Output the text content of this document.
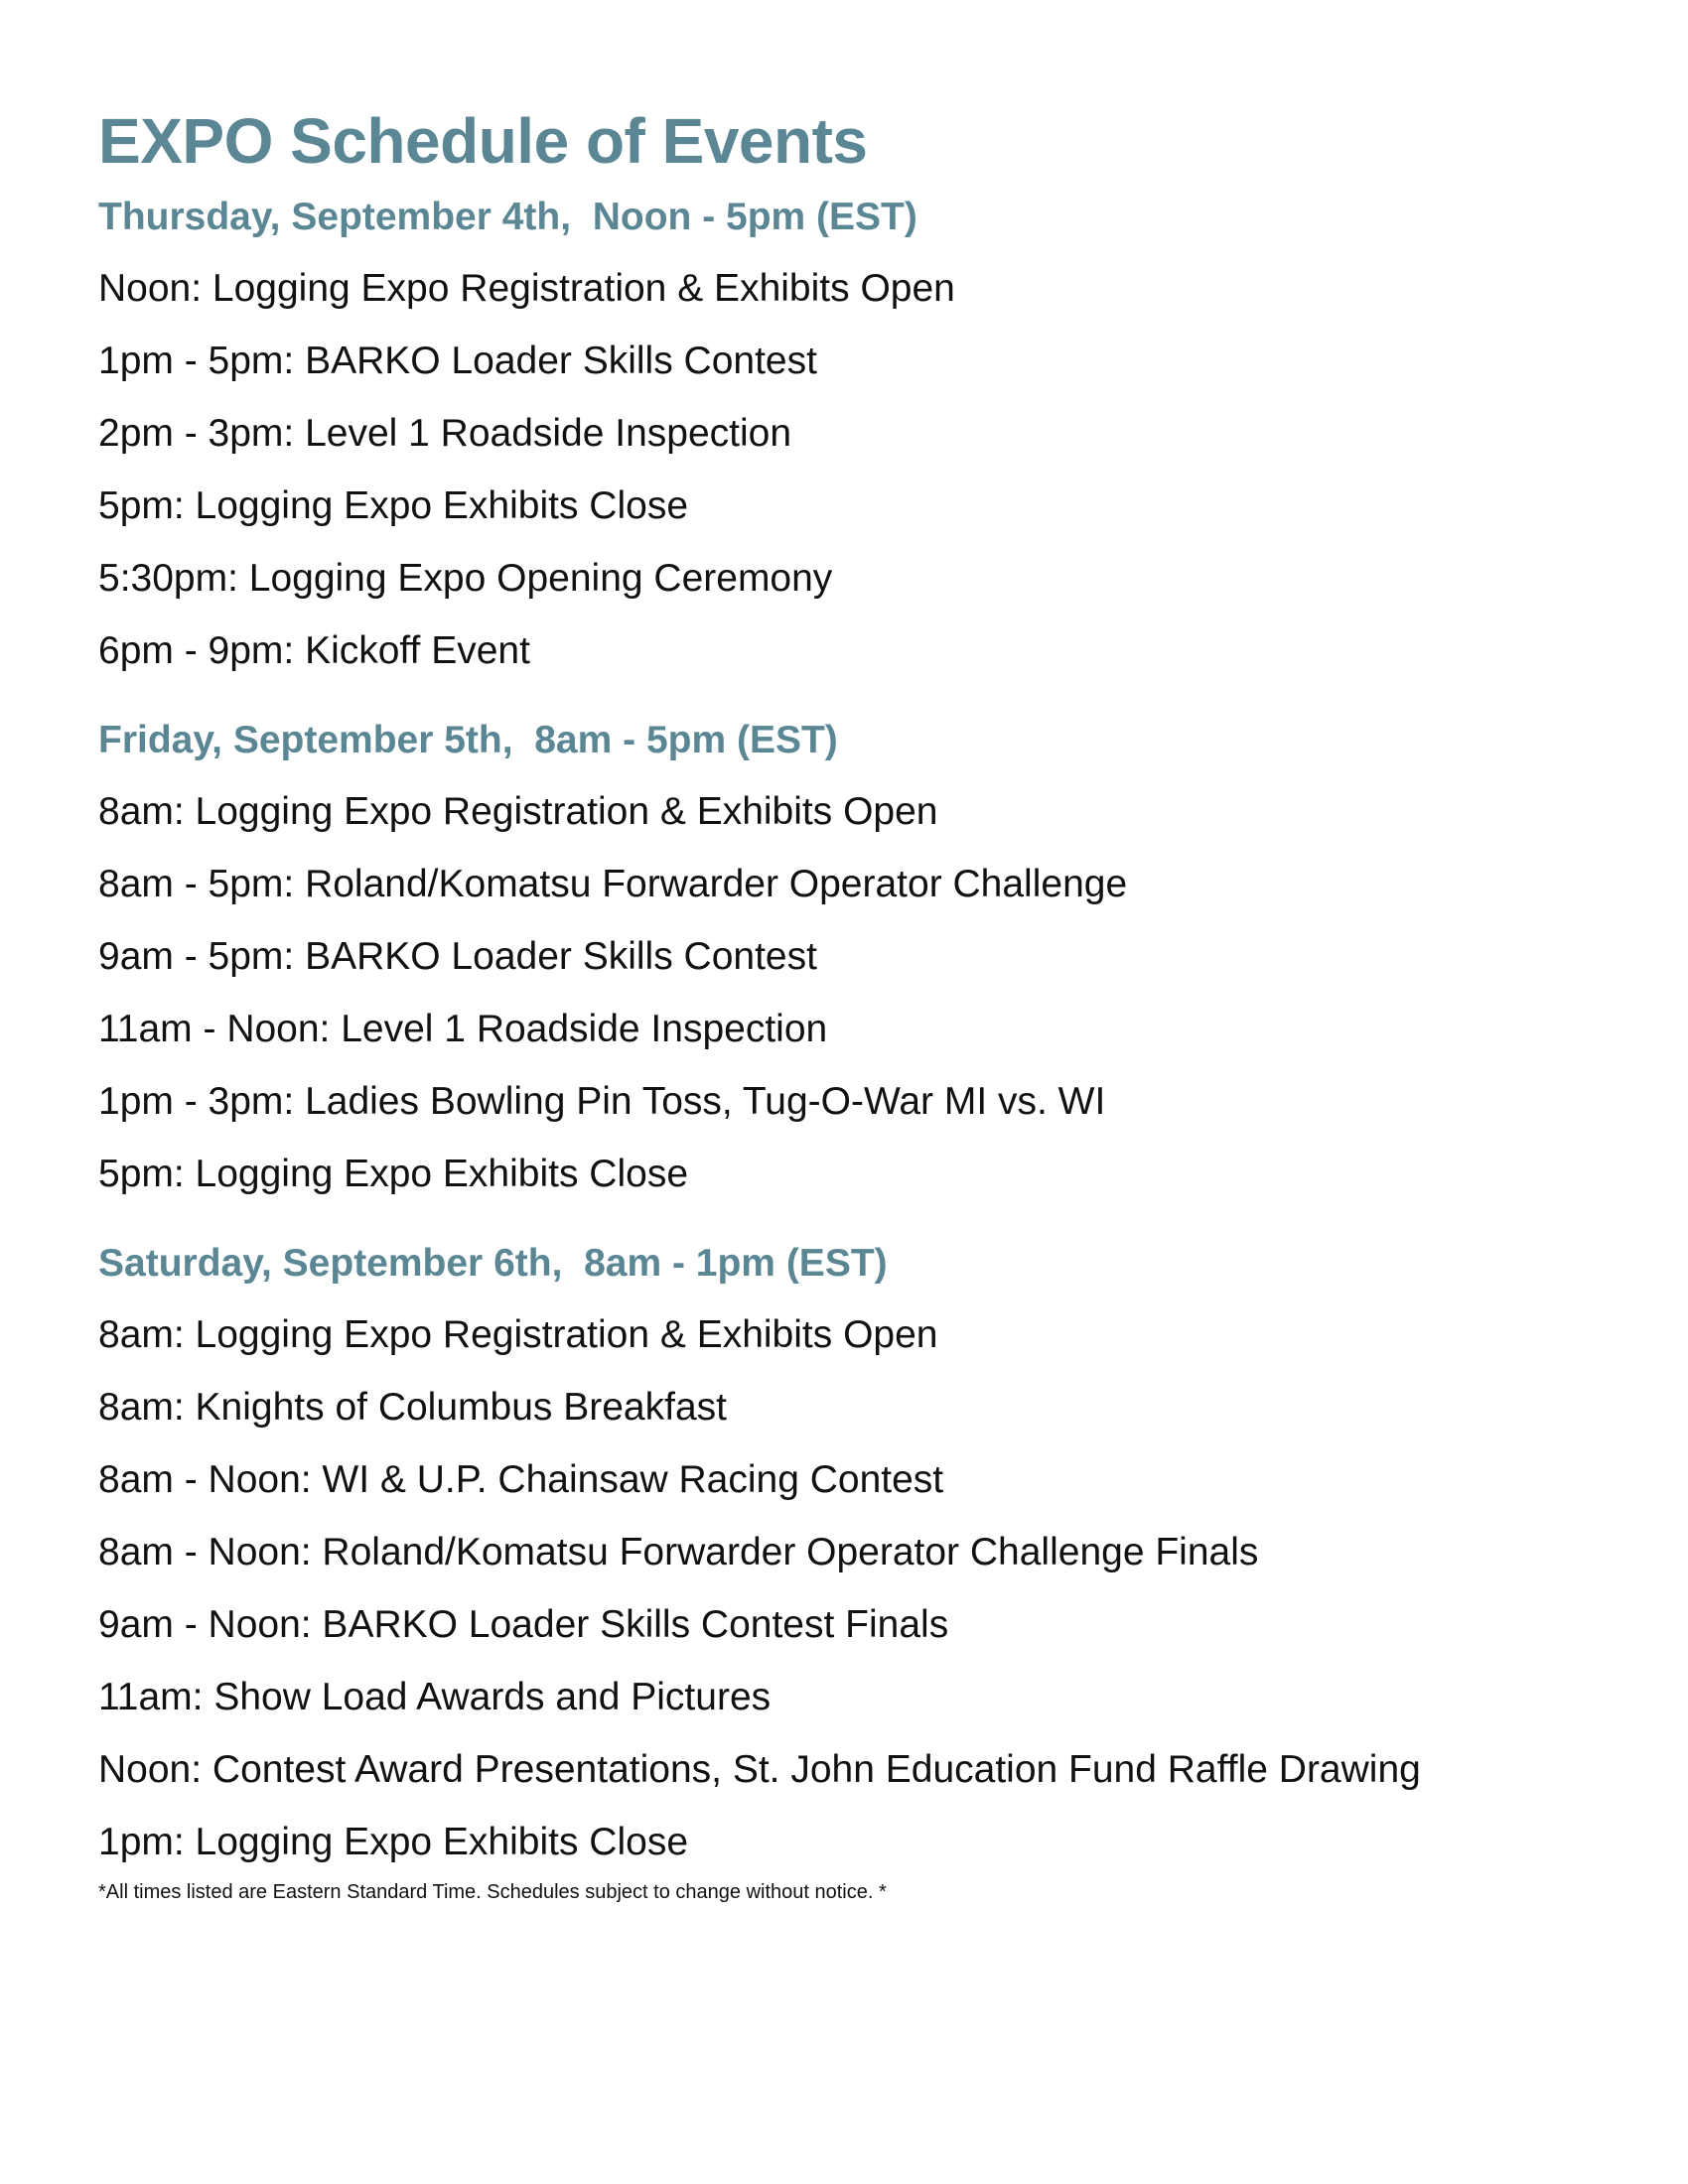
EXPO Schedule of Events
Thursday, September 4th,  Noon - 5pm (EST)
Noon: Logging Expo Registration & Exhibits Open
1pm - 5pm: BARKO Loader Skills Contest
2pm - 3pm: Level 1 Roadside Inspection
5pm: Logging Expo Exhibits Close
5:30pm: Logging Expo Opening Ceremony
6pm - 9pm: Kickoff Event
Friday, September 5th,  8am - 5pm (EST)
8am: Logging Expo Registration & Exhibits Open
8am - 5pm: Roland/Komatsu Forwarder Operator Challenge
9am - 5pm: BARKO Loader Skills Contest
11am - Noon: Level 1 Roadside Inspection
1pm - 3pm: Ladies Bowling Pin Toss, Tug-O-War MI vs. WI
5pm: Logging Expo Exhibits Close
Saturday, September 6th,  8am - 1pm (EST)
8am: Logging Expo Registration & Exhibits Open
8am: Knights of Columbus Breakfast
8am - Noon: WI & U.P. Chainsaw Racing Contest
8am - Noon: Roland/Komatsu Forwarder Operator Challenge Finals
9am - Noon: BARKO Loader Skills Contest Finals
11am: Show Load Awards and Pictures
Noon: Contest Award Presentations, St. John Education Fund Raffle Drawing
1pm: Logging Expo Exhibits Close
*All times listed are Eastern Standard Time. Schedules subject to change without notice. *
